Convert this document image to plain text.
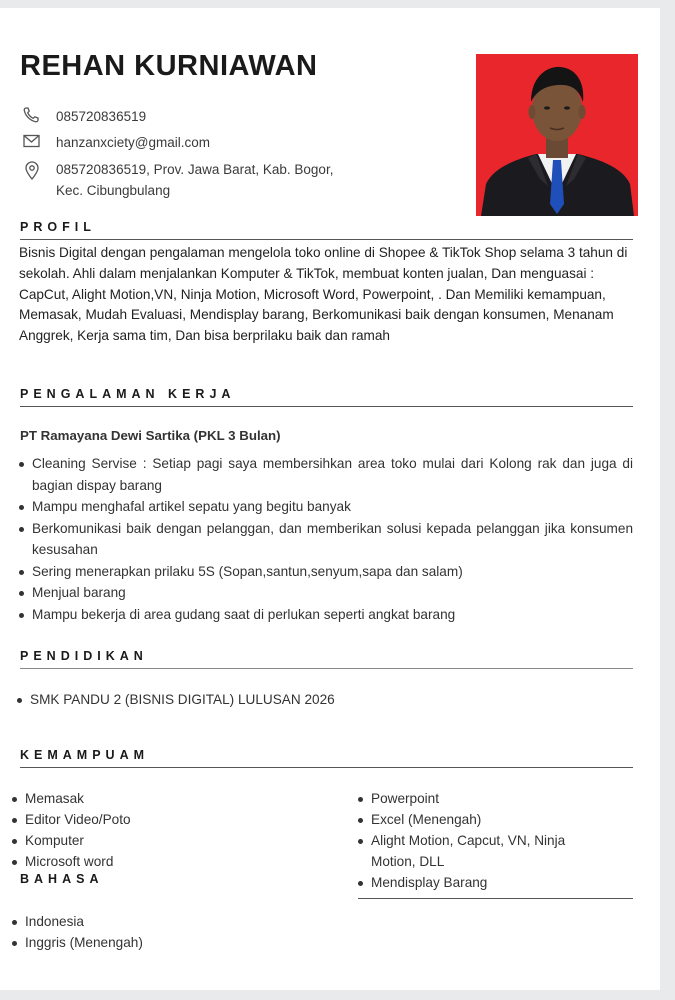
REHAN KURNIAWAN
085720836519
hanzanxciety@gmail.com
085720836519, Prov. Jawa Barat, Kab. Bogor,
Kec. Cibungbulang
PROFIL
Bisnis Digital dengan pengalaman mengelola toko online di Shopee & TikTok Shop selama 3 tahun di sekolah. Ahli dalam menjalankan Komputer & TikTok, membuat konten jualan, Dan menguasai : CapCut, Alight Motion,VN, Ninja Motion, Microsoft Word, Powerpoint, . Dan Memiliki kemampuan, Memasak, Mudah Evaluasi, Mendisplay barang, Berkomunikasi baik dengan konsumen, Menanam Anggrek, Kerja sama tim, Dan bisa berprilaku baik dan ramah
PENGALAMAN KERJA
PT Ramayana Dewi Sartika (PKL 3 Bulan)
Cleaning Servise : Setiap pagi saya membersihkan area toko mulai dari Kolong rak dan juga di bagian dispay barang
Mampu menghafal artikel sepatu yang begitu banyak
Berkomunikasi baik dengan pelanggan, dan memberikan solusi kepada pelanggan jika konsumen kesusahan
Sering menerapkan prilaku 5S (Sopan,santun,senyum,sapa dan salam)
Menjual barang
Mampu bekerja di area gudang saat di perlukan seperti angkat barang
PENDIDIKAN
SMK PANDU 2 (BISNIS DIGITAL) LULUSAN 2026
KEMAMPUAM
Memasak
Editor Video/Poto
Komputer
Microsoft word
Powerpoint
Excel (Menengah)
Alight Motion, Capcut, VN, Ninja Motion, DLL
Mendisplay Barang
BAHASA
Indonesia
Inggris (Menengah)
